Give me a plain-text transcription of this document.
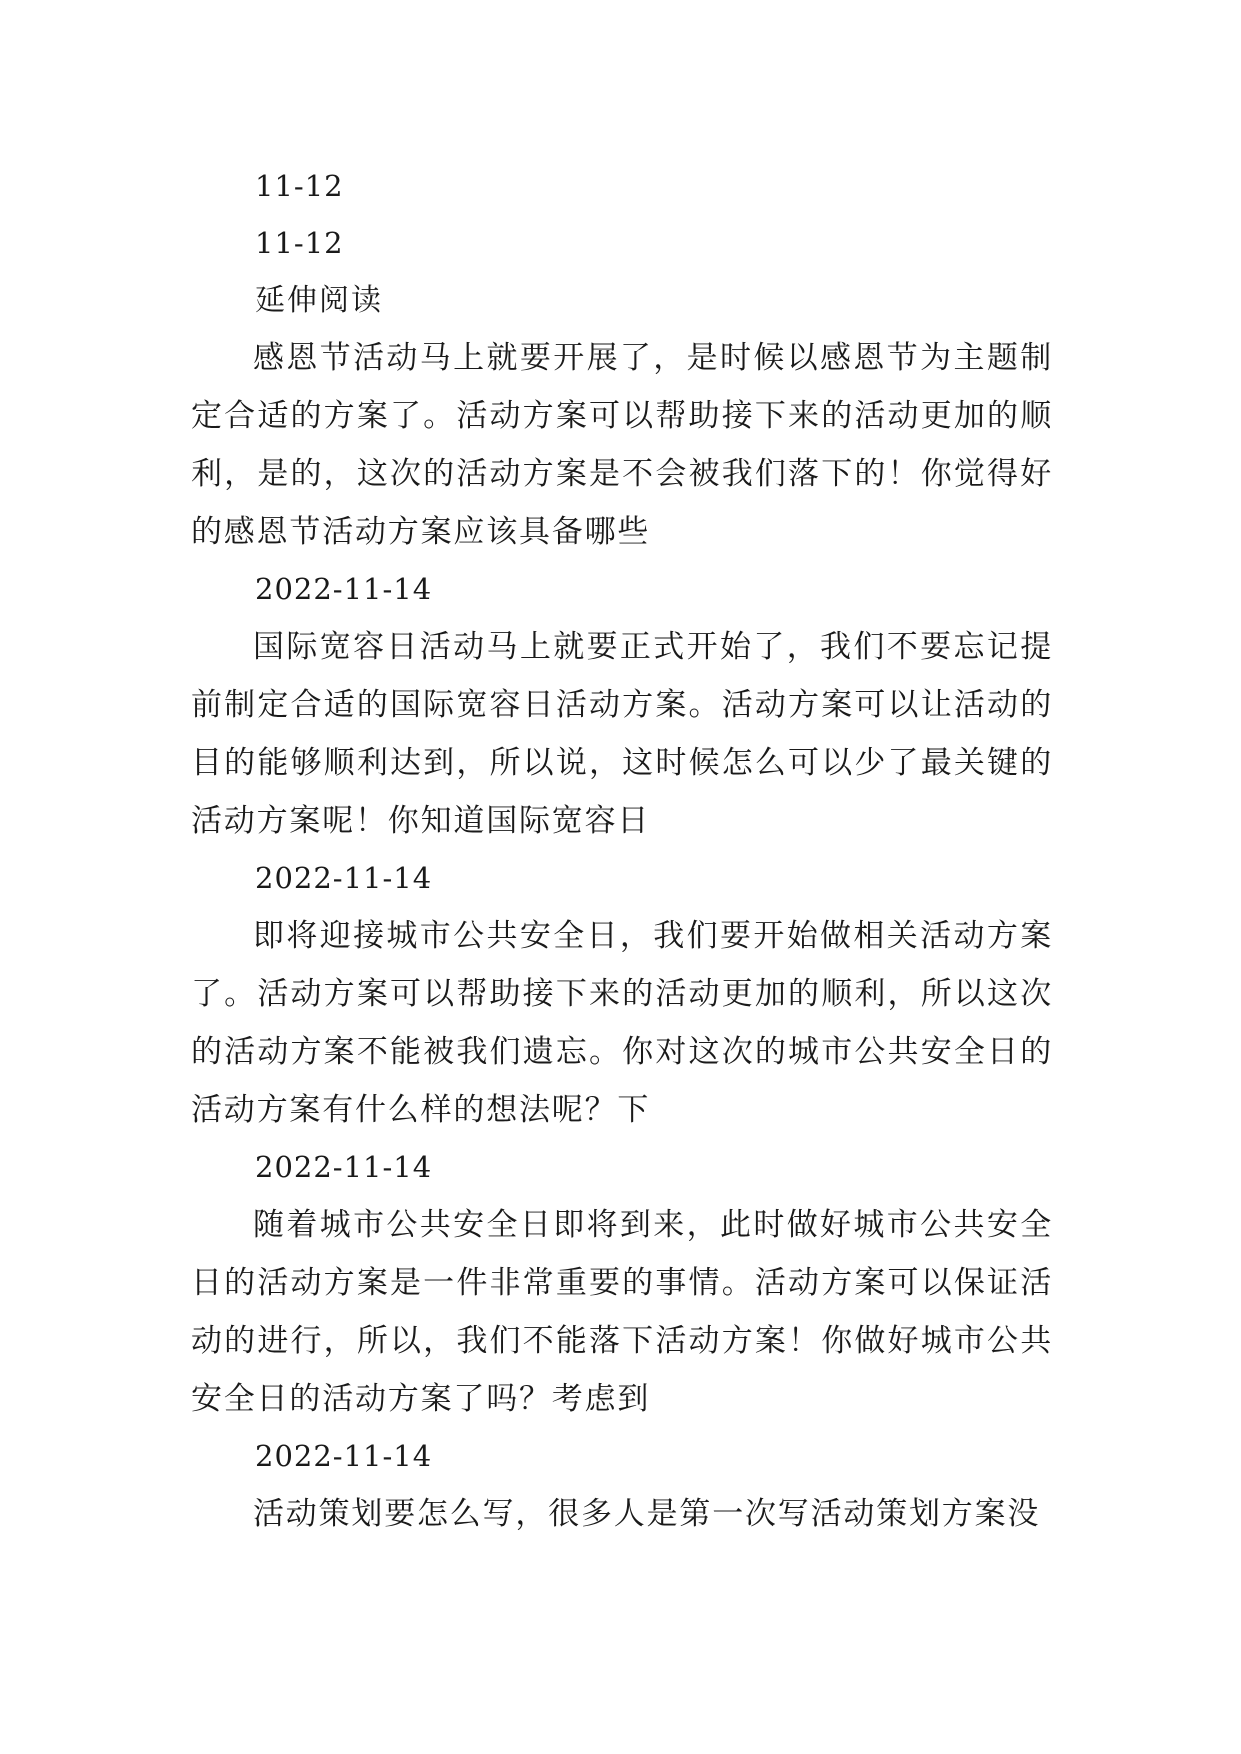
11-12

11-12

延伸阅读

感恩节活动马上就要开展了，是时候以感恩节为主题制定合适的方案了。活动方案可以帮助接下来的活动更加的顺利，是的，这次的活动方案是不会被我们落下的！你觉得好的感恩节活动方案应该具备哪些

2022-11-14

国际宽容日活动马上就要正式开始了，我们不要忘记提前制定合适的国际宽容日活动方案。活动方案可以让活动的目的能够顺利达到，所以说，这时候怎么可以少了最关键的活动方案呢！你知道国际宽容日

2022-11-14

即将迎接城市公共安全日，我们要开始做相关活动方案了。活动方案可以帮助接下来的活动更加的顺利，所以这次的活动方案不能被我们遗忘。你对这次的城市公共安全日的活动方案有什么样的想法呢？下

2022-11-14

随着城市公共安全日即将到来，此时做好城市公共安全日的活动方案是一件非常重要的事情。活动方案可以保证活动的进行，所以，我们不能落下活动方案！你做好城市公共安全日的活动方案了吗？考虑到

2022-11-14

活动策划要怎么写，很多人是第一次写活动策划方案没
